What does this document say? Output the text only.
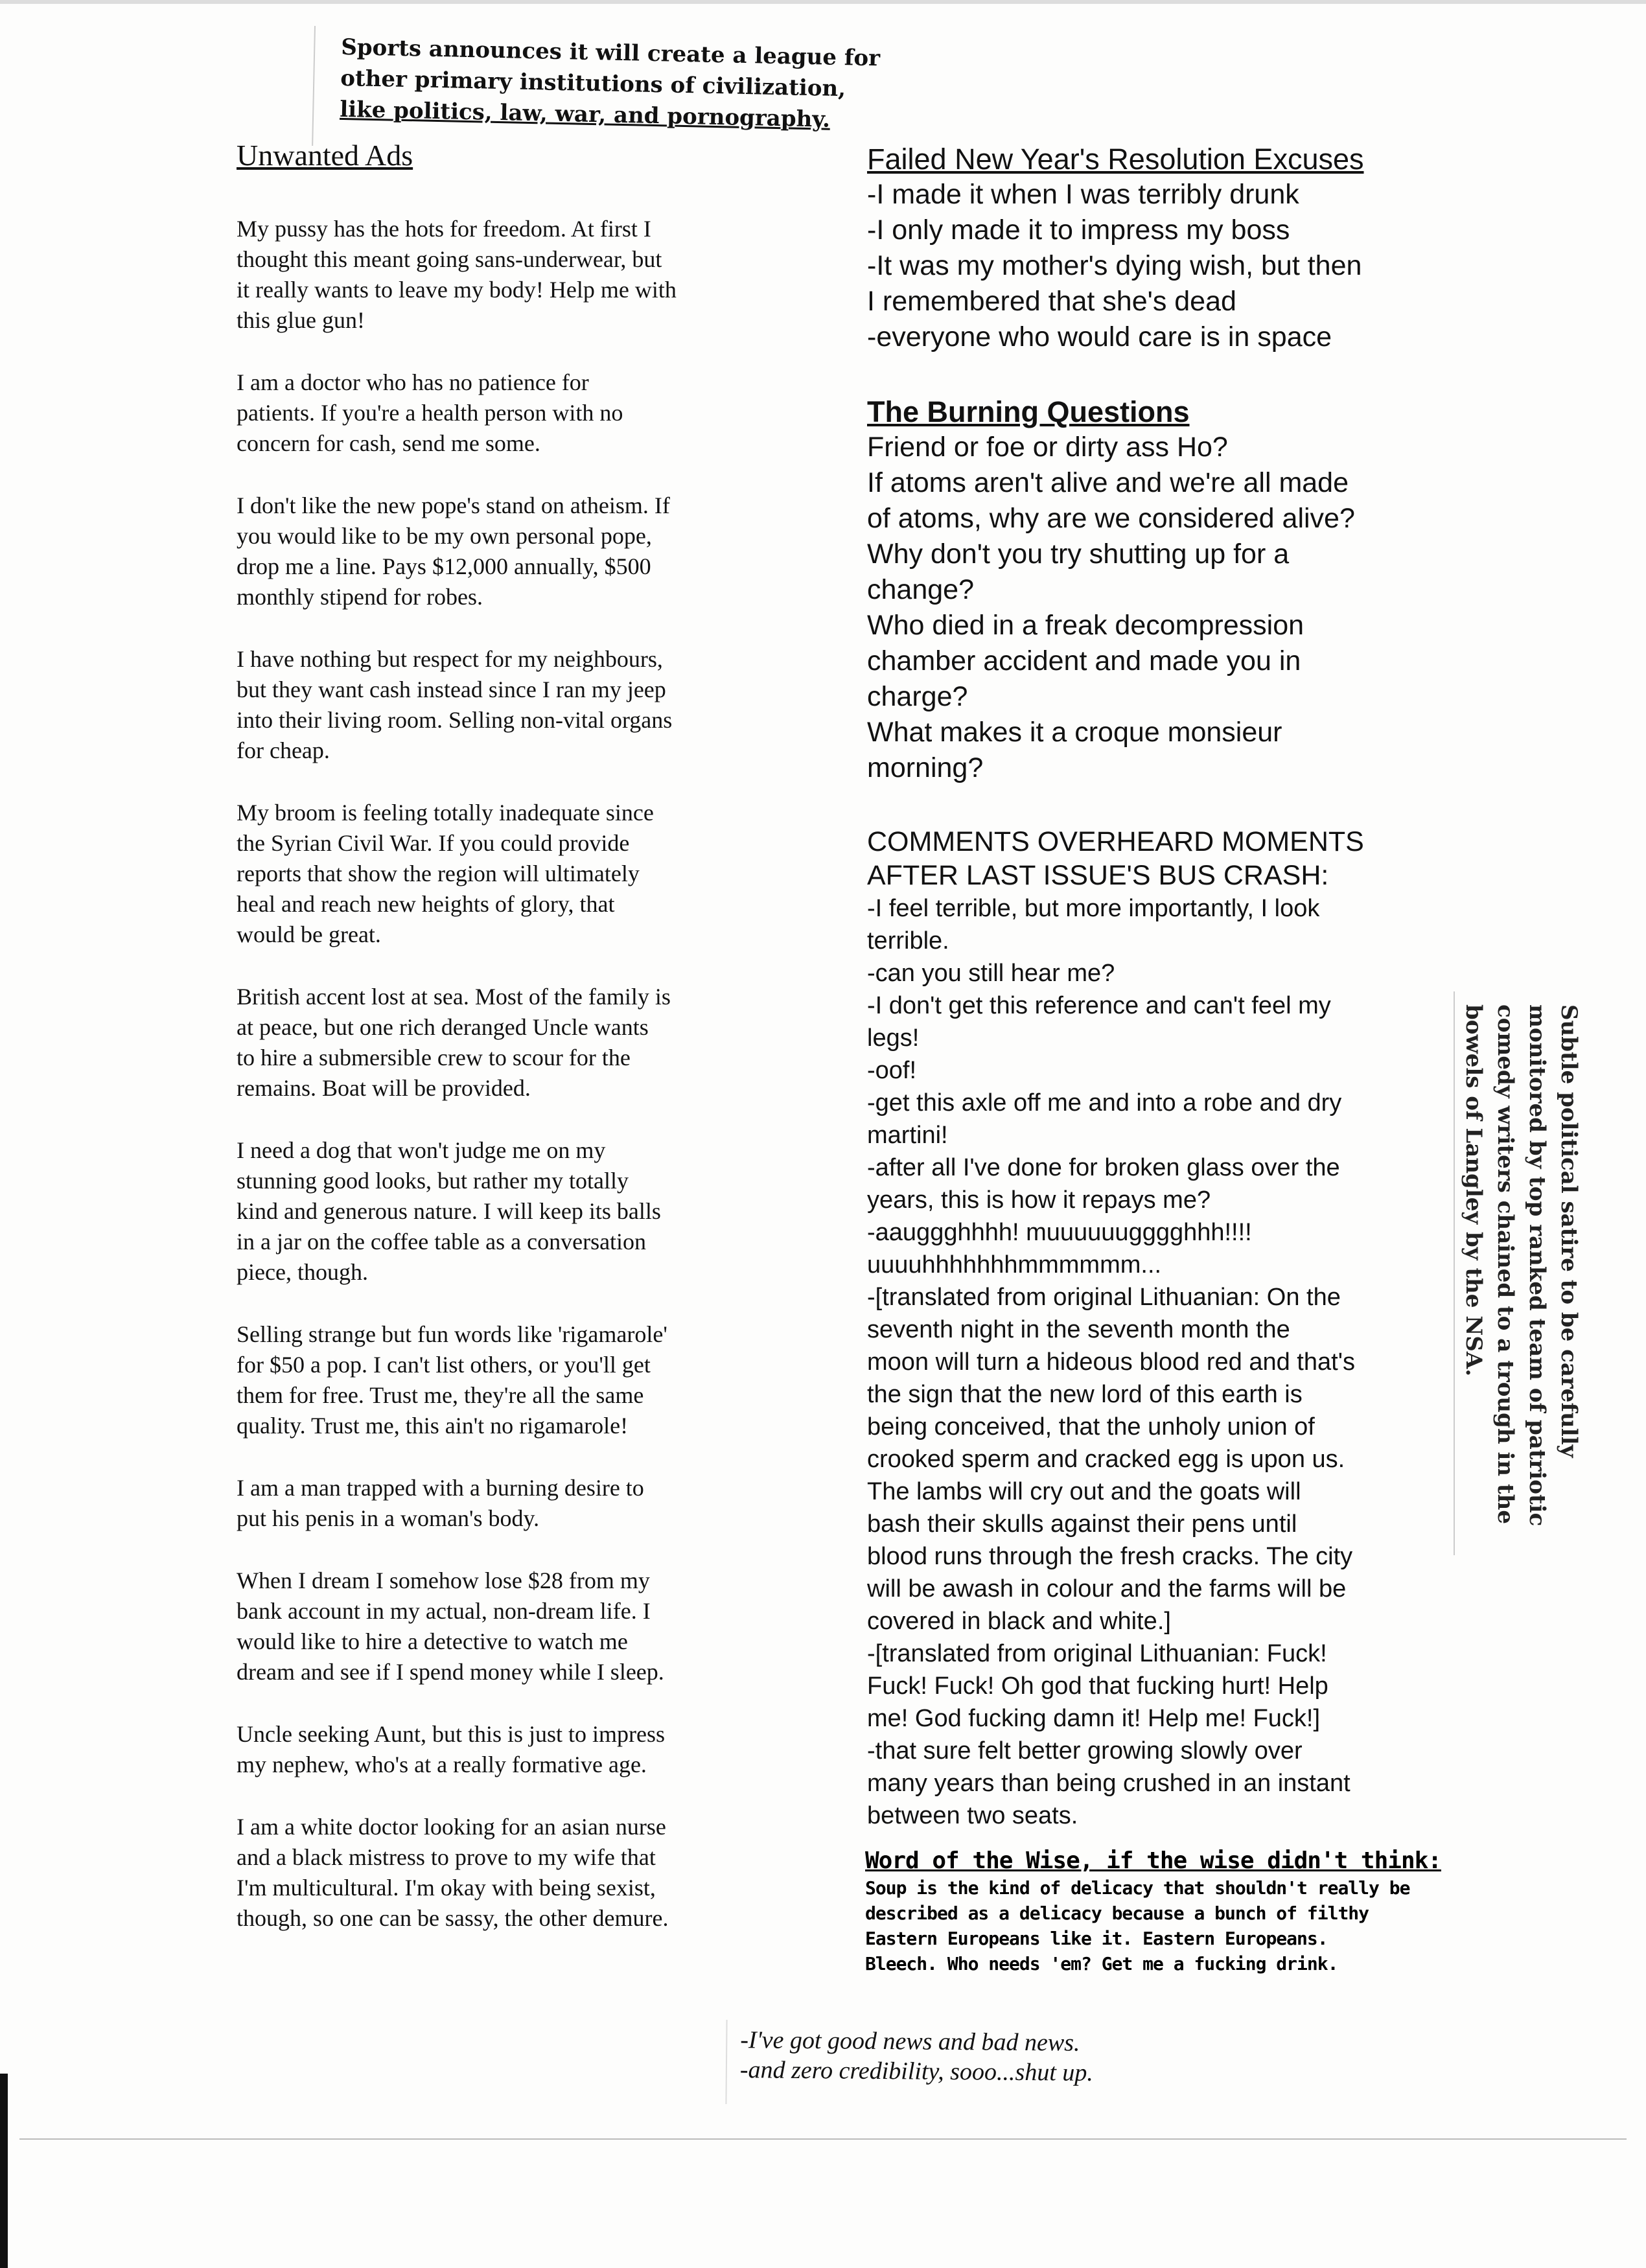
Sports announces it will create a league for
other primary institutions of civilization,
like politics, law, war, and pornography.
Unwanted Ads
My pussy has the hots for freedom. At first I
thought this meant going sans-underwear, but
it really wants to leave my body! Help me with
this glue gun!
I am a doctor who has no patience for
patients. If you're a health person with no
concern for cash, send me some.
I don't like the new pope's stand on atheism. If
you would like to be my own personal pope,
drop me a line. Pays $12,000 annually, $500
monthly stipend for robes.
I have nothing but respect for my neighbours,
but they want cash instead since I ran my jeep
into their living room. Selling non-vital organs
for cheap.
My broom is feeling totally inadequate since
the Syrian Civil War. If you could provide
reports that show the region will ultimately
heal and reach new heights of glory, that
would be great.
British accent lost at sea. Most of the family is
at peace, but one rich deranged Uncle wants
to hire a submersible crew to scour for the
remains. Boat will be provided.
I need a dog that won't judge me on my
stunning good looks, but rather my totally
kind and generous nature. I will keep its balls
in a jar on the coffee table as a conversation
piece, though.
Selling strange but fun words like 'rigamarole'
for $50 a pop. I can't list others, or you'll get
them for free. Trust me, they're all the same
quality. Trust me, this ain't no rigamarole!
I am a man trapped with a burning desire to
put his penis in a woman's body.
When I dream I somehow lose $28 from my
bank account in my actual, non-dream life. I
would like to hire a detective to watch me
dream and see if I spend money while I sleep.
Uncle seeking Aunt, but this is just to impress
my nephew, who's at a really formative age.
I am a white doctor looking for an asian nurse
and a black mistress to prove to my wife that
I'm multicultural. I'm okay with being sexist,
though, so one can be sassy, the other demure.
Failed New Year's Resolution Excuses
-I made it when I was terribly drunk
-I only made it to impress my boss
-It was my mother's dying wish, but then
I remembered that she's dead
-everyone who would care is in space
The Burning Questions
Friend or foe or dirty ass Ho?
If atoms aren't alive and we're all made
of atoms, why are we considered alive?
Why don't you try shutting up for a
change?
Who died in a freak decompression
chamber accident and made you in
charge?
What makes it a croque monsieur
morning?
COMMENTS OVERHEARD MOMENTS
AFTER LAST ISSUE'S BUS CRASH:
-I feel terrible, but more importantly, I look
terrible.
-can you still hear me?
-I don't get this reference and can't feel my
legs!
-oof!
-get this axle off me and into a robe and dry
martini!
-after all I've done for broken glass over the
years, this is how it repays me?
-aauggghhhh! muuuuuugggghhh!!!!
uuuuhhhhhhhmmmmmm...
-[translated from original Lithuanian: On the
seventh night in the seventh month the
moon will turn a hideous blood red and that's
the sign that the new lord of this earth is
being conceived, that the unholy union of
crooked sperm and cracked egg is upon us.
The lambs will cry out and the goats will
bash their skulls against their pens until
blood runs through the fresh cracks. The city
will be awash in colour and the farms will be
covered in black and white.]
-[translated from original Lithuanian: Fuck!
Fuck! Fuck! Oh god that fucking hurt! Help
me! God fucking damn it! Help me! Fuck!]
-that sure felt better growing slowly over
many years than being crushed in an instant
between two seats.
Word of the Wise, if the wise didn't think:
Soup is the kind of delicacy that shouldn't really be
described as a delicacy because a bunch of filthy
Eastern Europeans like it. Eastern Europeans.
Bleech. Who needs 'em? Get me a fucking drink.
Subtle political satire to be carefully
monitored by top ranked team of patriotic
comedy writers chained to a trough in the
bowels of Langley by the NSA.
-I've got good news and bad news.
-and zero credibility, sooo...shut up.
